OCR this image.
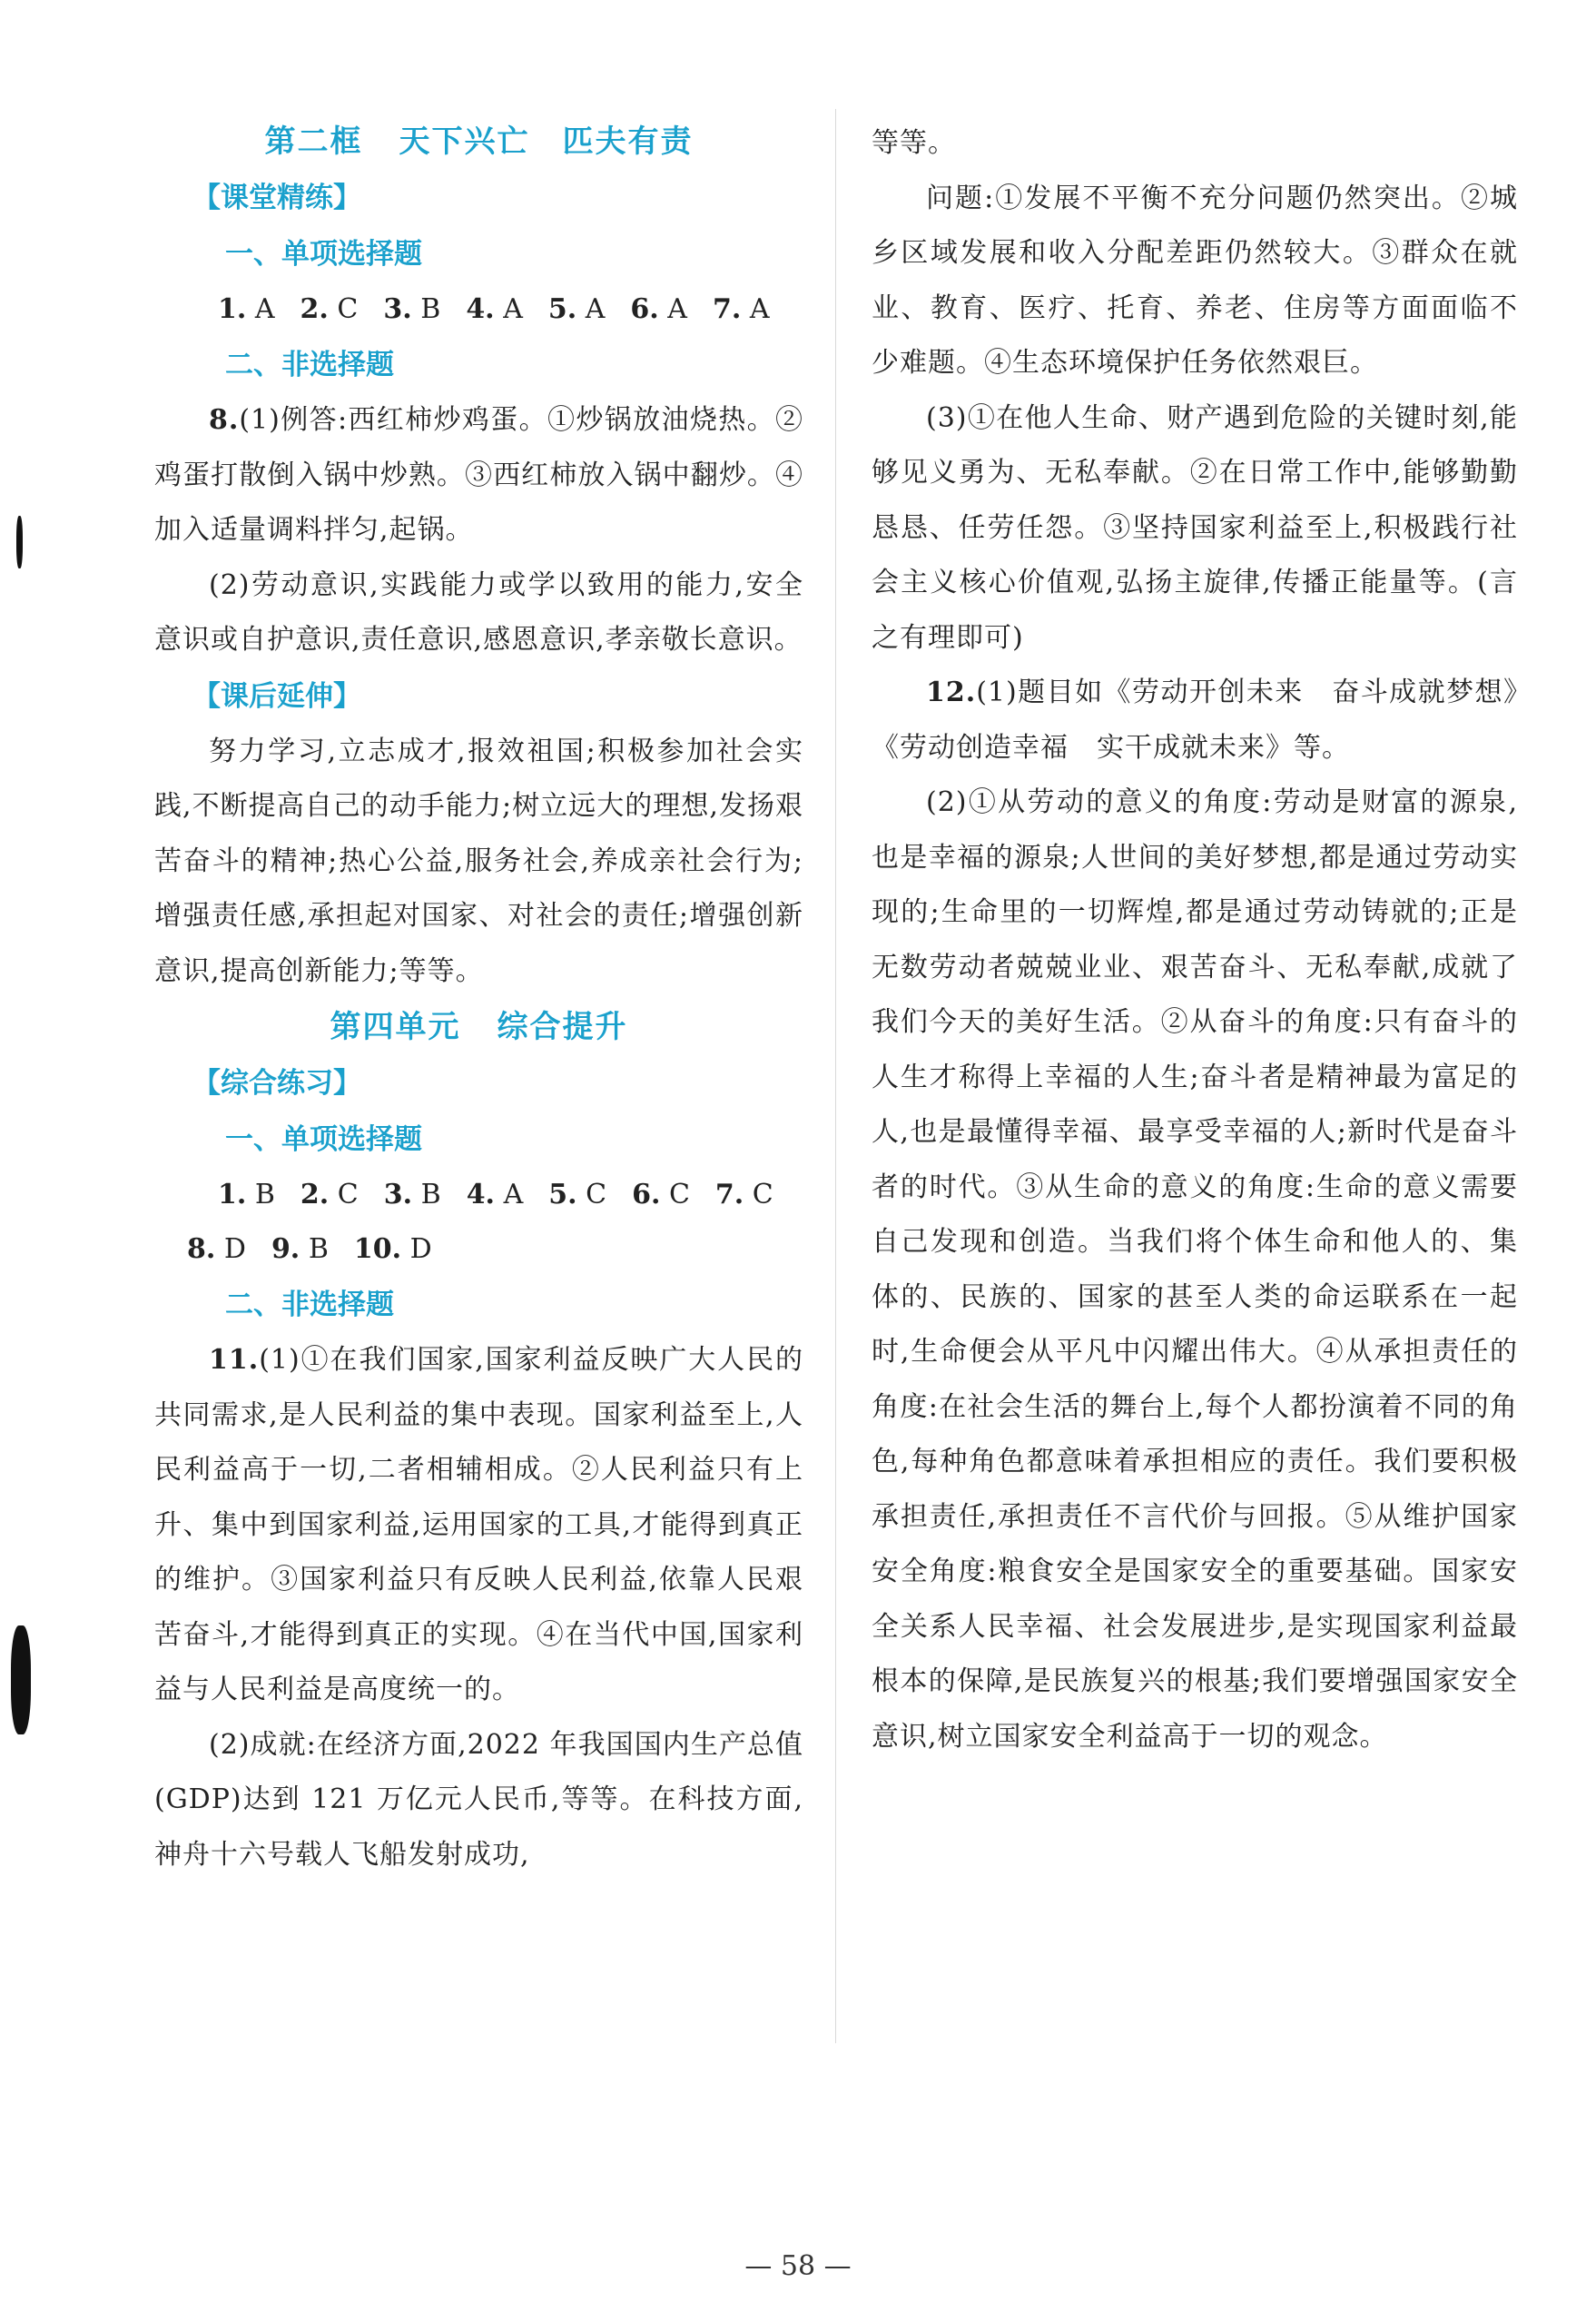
第二框 天下兴亡　匹夫有责
【课堂精练】
一、单项选择题
1. A 2. C 3. B 4. A 5. A 6. A 7. A
二、非选择题

8.(1)例答:西红柿炒鸡蛋。①炒锅放油烧热。②鸡蛋打散倒入锅中炒熟。③西红柿放入锅中翻炒。④加入适量调料拌匀,起锅。

(2)劳动意识,实践能力或学以致用的能力,安全意识或自护意识,责任意识,感恩意识,孝亲敬长意识。

【课后延伸】

努力学习,立志成才,报效祖国;积极参加社会实践,不断提高自己的动手能力;树立远大的理想,发扬艰苦奋斗的精神;热心公益,服务社会,养成亲社会行为;增强责任感,承担起对国家、对社会的责任;增强创新意识,提高创新能力;等等。

第四单元 综合提升
【综合练习】
一、单项选择题
1. B 2. C 3. B 4. A 5. C 6. C 7. C
8. D 9. B 10. D
二、非选择题

11.(1)①在我们国家,国家利益反映广大人民的共同需求,是人民利益的集中表现。国家利益至上,人民利益高于一切,二者相辅相成。②人民利益只有上升、集中到国家利益,运用国家的工具,才能得到真正的维护。③国家利益只有反映人民利益,依靠人民艰苦奋斗,才能得到真正的实现。④在当代中国,国家利益与人民利益是高度统一的。

(2)成就:在经济方面,2022 年我国国内生产总值(GDP)达到 121 万亿元人民币,等等。在科技方面,神舟十六号载人飞船发射成功,

等等。

问题:①发展不平衡不充分问题仍然突出。②城乡区域发展和收入分配差距仍然较大。③群众在就业、教育、医疗、托育、养老、住房等方面面临不少难题。④生态环境保护任务依然艰巨。

(3)①在他人生命、财产遇到危险的关键时刻,能够见义勇为、无私奉献。②在日常工作中,能够勤勤恳恳、任劳任怨。③坚持国家利益至上,积极践行社会主义核心价值观,弘扬主旋律,传播正能量等。(言之有理即可)

12.(1)题目如《劳动开创未来　奋斗成就梦想》《劳动创造幸福　实干成就未来》等。

(2)①从劳动的意义的角度:劳动是财富的源泉,也是幸福的源泉;人世间的美好梦想,都是通过劳动实现的;生命里的一切辉煌,都是通过劳动铸就的;正是无数劳动者兢兢业业、艰苦奋斗、无私奉献,成就了我们今天的美好生活。②从奋斗的角度:只有奋斗的人生才称得上幸福的人生;奋斗者是精神最为富足的人,也是最懂得幸福、最享受幸福的人;新时代是奋斗者的时代。③从生命的意义的角度:生命的意义需要自己发现和创造。当我们将个体生命和他人的、集体的、民族的、国家的甚至人类的命运联系在一起时,生命便会从平凡中闪耀出伟大。④从承担责任的角度:在社会生活的舞台上,每个人都扮演着不同的角色,每种角色都意味着承担相应的责任。我们要积极承担责任,承担责任不言代价与回报。⑤从维护国家安全角度:粮食安全是国家安全的重要基础。国家安全关系人民幸福、社会发展进步,是实现国家利益最根本的保障,是民族复兴的根基;我们要增强国家安全意识,树立国家安全利益高于一切的观念。

— 58 —
